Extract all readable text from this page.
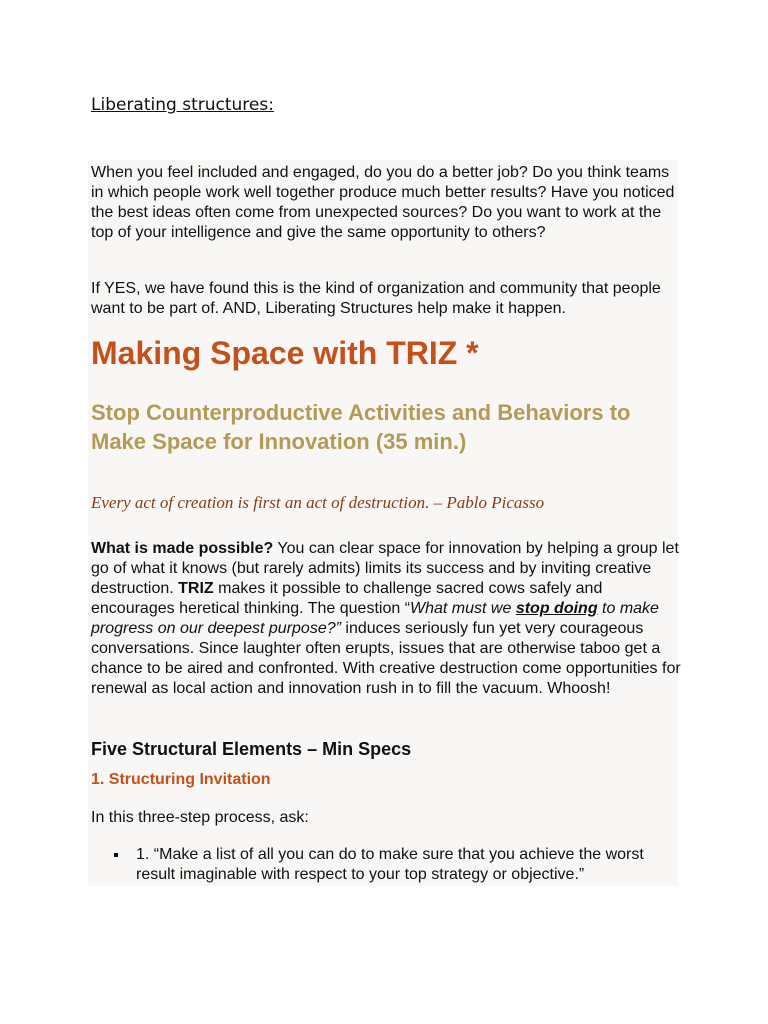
Liberating structures:

When you feel included and engaged, do you do a better job? Do you think teams in which people work well together produce much better results? Have you noticed the best ideas often come from unexpected sources? Do you want to work at the top of your intelligence and give the same opportunity to others?

If YES, we have found this is the kind of organization and community that people want to be part of. AND, Liberating Structures help make it happen.

Making Space with TRIZ *
Stop Counterproductive Activities and Behaviors to Make Space for Innovation (35 min.)

Every act of creation is first an act of destruction. – Pablo Picasso

What is made possible? You can clear space for innovation by helping a group let go of what it knows (but rarely admits) limits its success and by inviting creative destruction. TRIZ makes it possible to challenge sacred cows safely and encourages heretical thinking. The question “What must we stop doing to make progress on our deepest purpose?” induces seriously fun yet very courageous conversations. Since laughter often erupts, issues that are otherwise taboo get a chance to be aired and confronted. With creative destruction come opportunities for renewal as local action and innovation rush in to fill the vacuum. Whoosh!

Five Structural Elements – Min Specs
1. Structuring Invitation

In this three-step process, ask:

1. “Make a list of all you can do to make sure that you achieve the worst result imaginable with respect to your top strategy or objective.”
